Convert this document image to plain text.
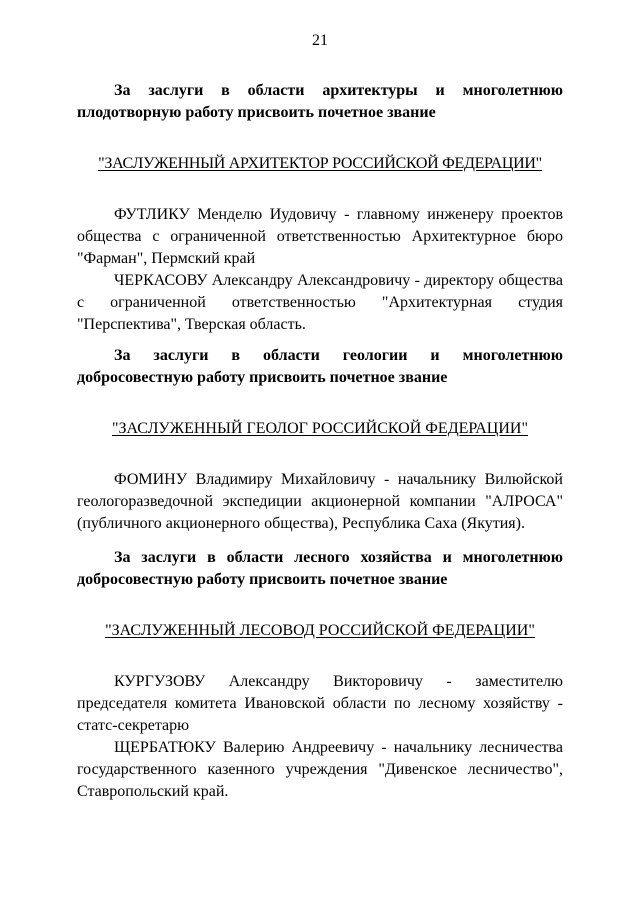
21

За заслуги в области архитектуры и многолетнюю плодотворную работу присвоить почетное звание

"ЗАСЛУЖЕННЫЙ АРХИТЕКТОР РОССИЙСКОЙ ФЕДЕРАЦИИ"

ФУТЛИКУ Менделю Иудовичу - главному инженеру проектов общества с ограниченной ответственностью Архитектурное бюро "Фарман", Пермский край

ЧЕРКАСОВУ Александру Александровичу - директору общества с ограниченной ответственностью "Архитектурная студия "Перспектива", Тверская область.

За заслуги в области геологии и многолетнюю добросовестную работу присвоить почетное звание

"ЗАСЛУЖЕННЫЙ ГЕОЛОГ РОССИЙСКОЙ ФЕДЕРАЦИИ"

ФОМИНУ Владимиру Михайловичу - начальнику Вилюйской геологоразведочной экспедиции акционерной компании "АЛРОСА" (публичного акционерного общества), Республика Саха (Якутия).

За заслуги в области лесного хозяйства и многолетнюю добросовестную работу присвоить почетное звание

"ЗАСЛУЖЕННЫЙ ЛЕСОВОД РОССИЙСКОЙ ФЕДЕРАЦИИ"

КУРГУЗОВУ Александру Викторовичу - заместителю председателя комитета Ивановской области по лесному хозяйству - статс-секретарю

ЩЕРБАТЮКУ Валерию Андреевичу - начальнику лесничества государственного казенного учреждения "Дивенское лесничество", Ставропольский край.
